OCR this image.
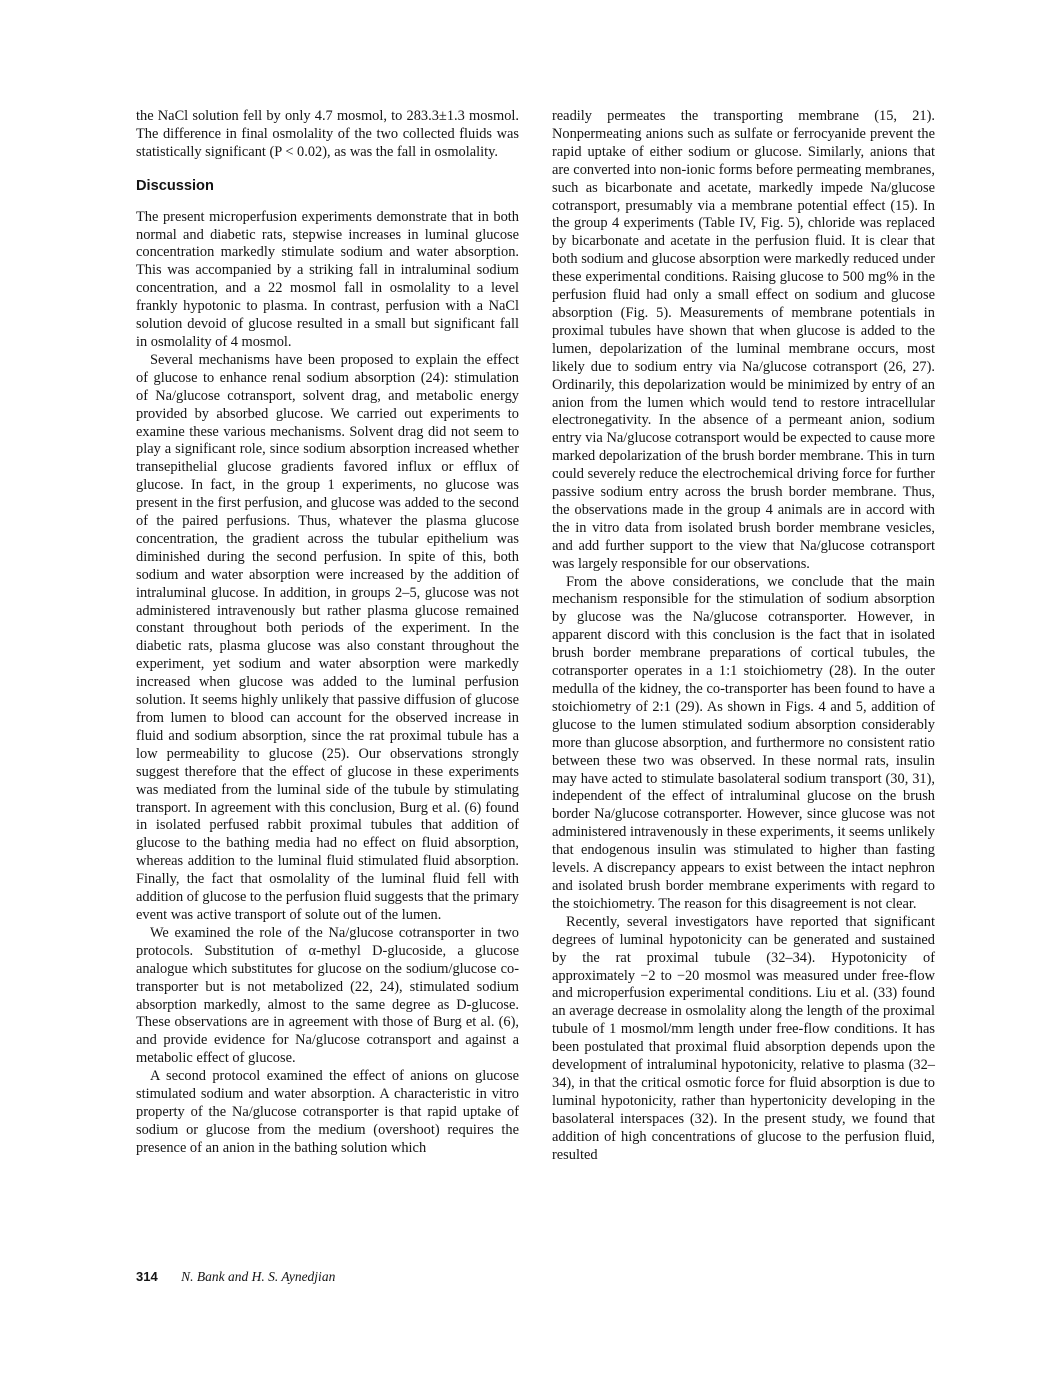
the NaCl solution fell by only 4.7 mosmol, to 283.3±1.3 mosmol. The difference in final osmolality of the two collected fluids was statistically significant (P < 0.02), as was the fall in osmolality.

Discussion

The present microperfusion experiments demonstrate that in both normal and diabetic rats, stepwise increases in luminal glucose concentration markedly stimulate sodium and water absorption. This was accompanied by a striking fall in intraluminal sodium concentration, and a 22 mosmol fall in osmolality to a level frankly hypotonic to plasma. In contrast, perfusion with a NaCl solution devoid of glucose resulted in a small but significant fall in osmolality of 4 mosmol.

Several mechanisms have been proposed to explain the effect of glucose to enhance renal sodium absorption (24): stimulation of Na/glucose cotransport, solvent drag, and metabolic energy provided by absorbed glucose. We carried out experiments to examine these various mechanisms. Solvent drag did not seem to play a significant role, since sodium absorption increased whether transepithelial glucose gradients favored influx or efflux of glucose. In fact, in the group 1 experiments, no glucose was present in the first perfusion, and glucose was added to the second of the paired perfusions. Thus, whatever the plasma glucose concentration, the gradient across the tubular epithelium was diminished during the second perfusion. In spite of this, both sodium and water absorption were increased by the addition of intraluminal glucose. In addition, in groups 2–5, glucose was not administered intravenously but rather plasma glucose remained constant throughout both periods of the experiment. In the diabetic rats, plasma glucose was also constant throughout the experiment, yet sodium and water absorption were markedly increased when glucose was added to the luminal perfusion solution. It seems highly unlikely that passive diffusion of glucose from lumen to blood can account for the observed increase in fluid and sodium absorption, since the rat proximal tubule has a low permeability to glucose (25). Our observations strongly suggest therefore that the effect of glucose in these experiments was mediated from the luminal side of the tubule by stimulating transport. In agreement with this conclusion, Burg et al. (6) found in isolated perfused rabbit proximal tubules that addition of glucose to the bathing media had no effect on fluid absorption, whereas addition to the luminal fluid stimulated fluid absorption. Finally, the fact that osmolality of the luminal fluid fell with addition of glucose to the perfusion fluid suggests that the primary event was active transport of solute out of the lumen.

We examined the role of the Na/glucose cotransporter in two protocols. Substitution of α-methyl D-glucoside, a glucose analogue which substitutes for glucose on the sodium/glucose co-transporter but is not metabolized (22, 24), stimulated sodium absorption markedly, almost to the same degree as D-glucose. These observations are in agreement with those of Burg et al. (6), and provide evidence for Na/glucose cotransport and against a metabolic effect of glucose.

A second protocol examined the effect of anions on glucose stimulated sodium and water absorption. A characteristic in vitro property of the Na/glucose cotransporter is that rapid uptake of sodium or glucose from the medium (overshoot) requires the presence of an anion in the bathing solution which

readily permeates the transporting membrane (15, 21). Nonpermeating anions such as sulfate or ferrocyanide prevent the rapid uptake of either sodium or glucose. Similarly, anions that are converted into non-ionic forms before permeating membranes, such as bicarbonate and acetate, markedly impede Na/glucose cotransport, presumably via a membrane potential effect (15). In the group 4 experiments (Table IV, Fig. 5), chloride was replaced by bicarbonate and acetate in the perfusion fluid. It is clear that both sodium and glucose absorption were markedly reduced under these experimental conditions. Raising glucose to 500 mg% in the perfusion fluid had only a small effect on sodium and glucose absorption (Fig. 5). Measurements of membrane potentials in proximal tubules have shown that when glucose is added to the lumen, depolarization of the luminal membrane occurs, most likely due to sodium entry via Na/glucose cotransport (26, 27). Ordinarily, this depolarization would be minimized by entry of an anion from the lumen which would tend to restore intracellular electronegativity. In the absence of a permeant anion, sodium entry via Na/glucose cotransport would be expected to cause more marked depolarization of the brush border membrane. This in turn could severely reduce the electrochemical driving force for further passive sodium entry across the brush border membrane. Thus, the observations made in the group 4 animals are in accord with the in vitro data from isolated brush border membrane vesicles, and add further support to the view that Na/glucose cotransport was largely responsible for our observations.

From the above considerations, we conclude that the main mechanism responsible for the stimulation of sodium absorption by glucose was the Na/glucose cotransporter. However, in apparent discord with this conclusion is the fact that in isolated brush border membrane preparations of cortical tubules, the cotransporter operates in a 1:1 stoichiometry (28). In the outer medulla of the kidney, the co-transporter has been found to have a stoichiometry of 2:1 (29). As shown in Figs. 4 and 5, addition of glucose to the lumen stimulated sodium absorption considerably more than glucose absorption, and furthermore no consistent ratio between these two was observed. In these normal rats, insulin may have acted to stimulate basolateral sodium transport (30, 31), independent of the effect of intraluminal glucose on the brush border Na/glucose cotransporter. However, since glucose was not administered intravenously in these experiments, it seems unlikely that endogenous insulin was stimulated to higher than fasting levels. A discrepancy appears to exist between the intact nephron and isolated brush border membrane experiments with regard to the stoichiometry. The reason for this disagreement is not clear.

Recently, several investigators have reported that significant degrees of luminal hypotonicity can be generated and sustained by the rat proximal tubule (32–34). Hypotonicity of approximately −2 to −20 mosmol was measured under free-flow and microperfusion experimental conditions. Liu et al. (33) found an average decrease in osmolality along the length of the proximal tubule of 1 mosmol/mm length under free-flow conditions. It has been postulated that proximal fluid absorption depends upon the development of intraluminal hypotonicity, relative to plasma (32–34), in that the critical osmotic force for fluid absorption is due to luminal hypotonicity, rather than hypertonicity developing in the basolateral interspaces (32). In the present study, we found that addition of high concentrations of glucose to the perfusion fluid, resulted

314 N. Bank and H. S. Aynedjian
